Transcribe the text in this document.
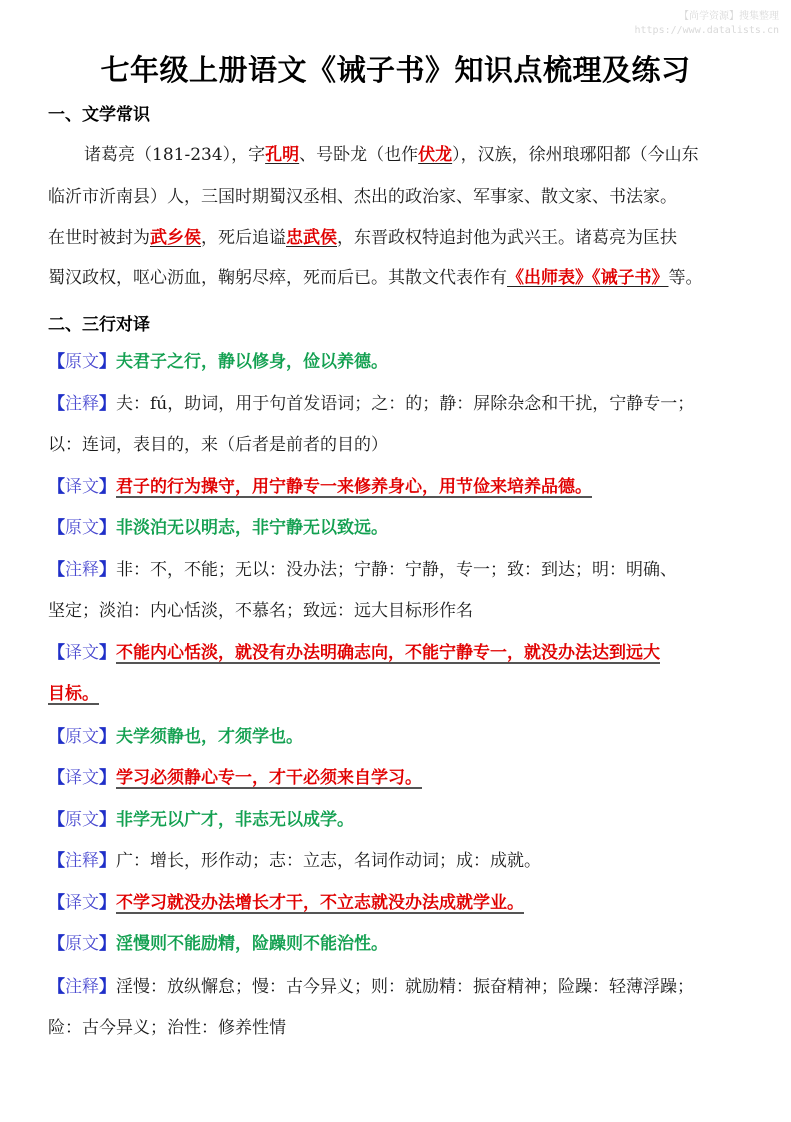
【尚学资源】搜集整理
https://www.datalists.cn
七年级上册语文《诫子书》知识点梳理及练习
一、文学常识
诸葛亮（181-234），字孔明、号卧龙（也作伏龙），汉族，徐州琅琊阳都（今山东
临沂市沂南县）人，三国时期蜀汉丞相、杰出的政治家、军事家、散文家、书法家。
在世时被封为武乡侯，死后追谥忠武侯，东晋政权特追封他为武兴王。诸葛亮为匡扶
蜀汉政权，呕心沥血，鞠躬尽瘁，死而后已。其散文代表作有《出师表》《诫子书》等。
二、三行对译
【原文】夫君子之行，静以修身，俭以养德。
【注释】夫：fú，助词，用于句首发语词；之：的；静：屏除杂念和干扰，宁静专一；
以：连词，表目的，来（后者是前者的目的）
【译文】君子的行为操守，用宁静专一来修养身心，用节俭来培养品德。
【原文】非淡泊无以明志，非宁静无以致远。
【注释】非：不，不能；无以：没办法；宁静：宁静，专一；致：到达；明：明确、
坚定；淡泊：内心恬淡，不慕名；致远：远大目标形作名
【译文】不能内心恬淡，就没有办法明确志向，不能宁静专一，就没办法达到远大
目标。
【原文】夫学须静也，才须学也。
【译文】学习必须静心专一，才干必须来自学习。
【原文】非学无以广才，非志无以成学。
【注释】广：增长，形作动；志：立志，名词作动词；成：成就。
【译文】不学习就没办法增长才干，不立志就没办法成就学业。
【原文】淫慢则不能励精，险躁则不能治性。
【注释】淫慢：放纵懈怠；慢：古今异义；则：就励精：振奋精神；险躁：轻薄浮躁；
险：古今异义；治性：修养性情
